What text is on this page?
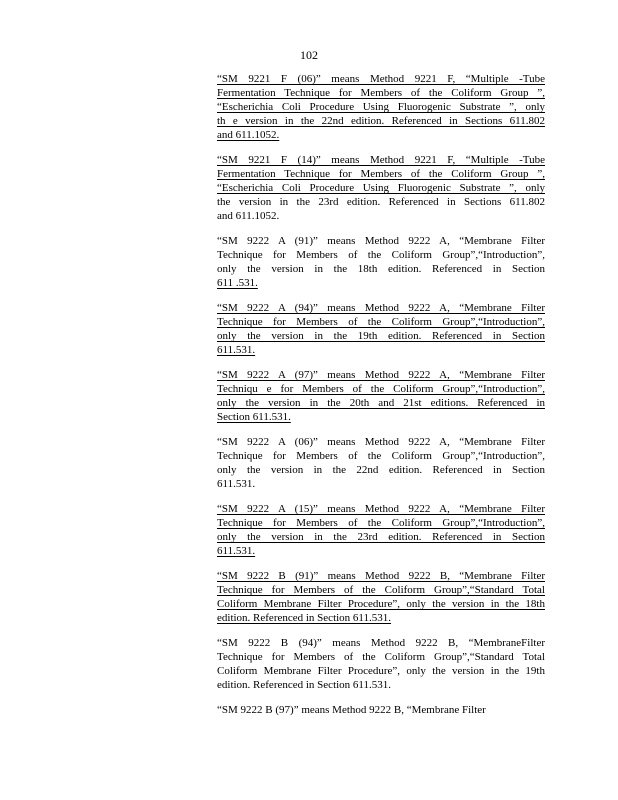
102
“SM 9221 F (06)” means Method 9221 F, “Multiple -Tube
Fermentation Technique for Members of the Coliform Group ”,
“Escherichia Coli Procedure Using Fluorogenic Substrate ”, only
th e version in the 22nd edition. Referenced in Sections 611.802
and 611.1052.
“SM 9221 F (14)” means Method 9221 F, “Multiple -Tube
Fermentation Technique for Members of the Coliform Group ”,
“Escherichia Coli Procedure Using Fluorogenic Substrate ”, only
the version in the 23rd edition. Referenced in Sections 611.802
and 611.1052.
“SM 9222 A (91)” means Method 9222 A, “Membrane Filter
Technique for Members of the Coliform Group”,“Introduction”,
only the version in the 18th edition. Referenced in Section
611 .531.
“SM 9222 A (94)” means Method 9222 A, “Membrane Filter
Technique for Members of the Coliform Group”,“Introduction”,
only the version in the 19th edition. Referenced in Section
611.531.
“SM 9222 A (97)” means Method 9222 A, “Membrane Filter
Techniqu e for Members of the Coliform Group”,“Introduction”,
only the version in the 20th and 21st editions. Referenced in
Section 611.531.
“SM 9222 A (06)” means Method 9222 A, “Membrane Filter
Technique for Members of the Coliform Group”,“Introduction”,
only the version in the 22nd edition. Referenced in Section
611.531.
“SM 9222 A (15)” means Method 9222 A, “Membrane Filter
Technique for Members of the Coliform Group”,“Introduction”,
only the version in the 23rd edition. Referenced in Section
611.531.
“SM 9222 B (91)” means Method 9222 B, “Membrane Filter
Technique for Members of the Coliform Group”,“Standard Total
Coliform Membrane Filter Procedure”, only the version in the 18th
edition. Referenced in Section 611.531.
“SM 9222 B (94)” means Method 9222 B, “MembraneFilter
Technique for Members of the Coliform Group”,“Standard Total
Coliform Membrane Filter Procedure”, only the version in the 19th
edition. Referenced in Section 611.531.
“SM 9222 B (97)” means Method 9222 B, “Membrane Filter
